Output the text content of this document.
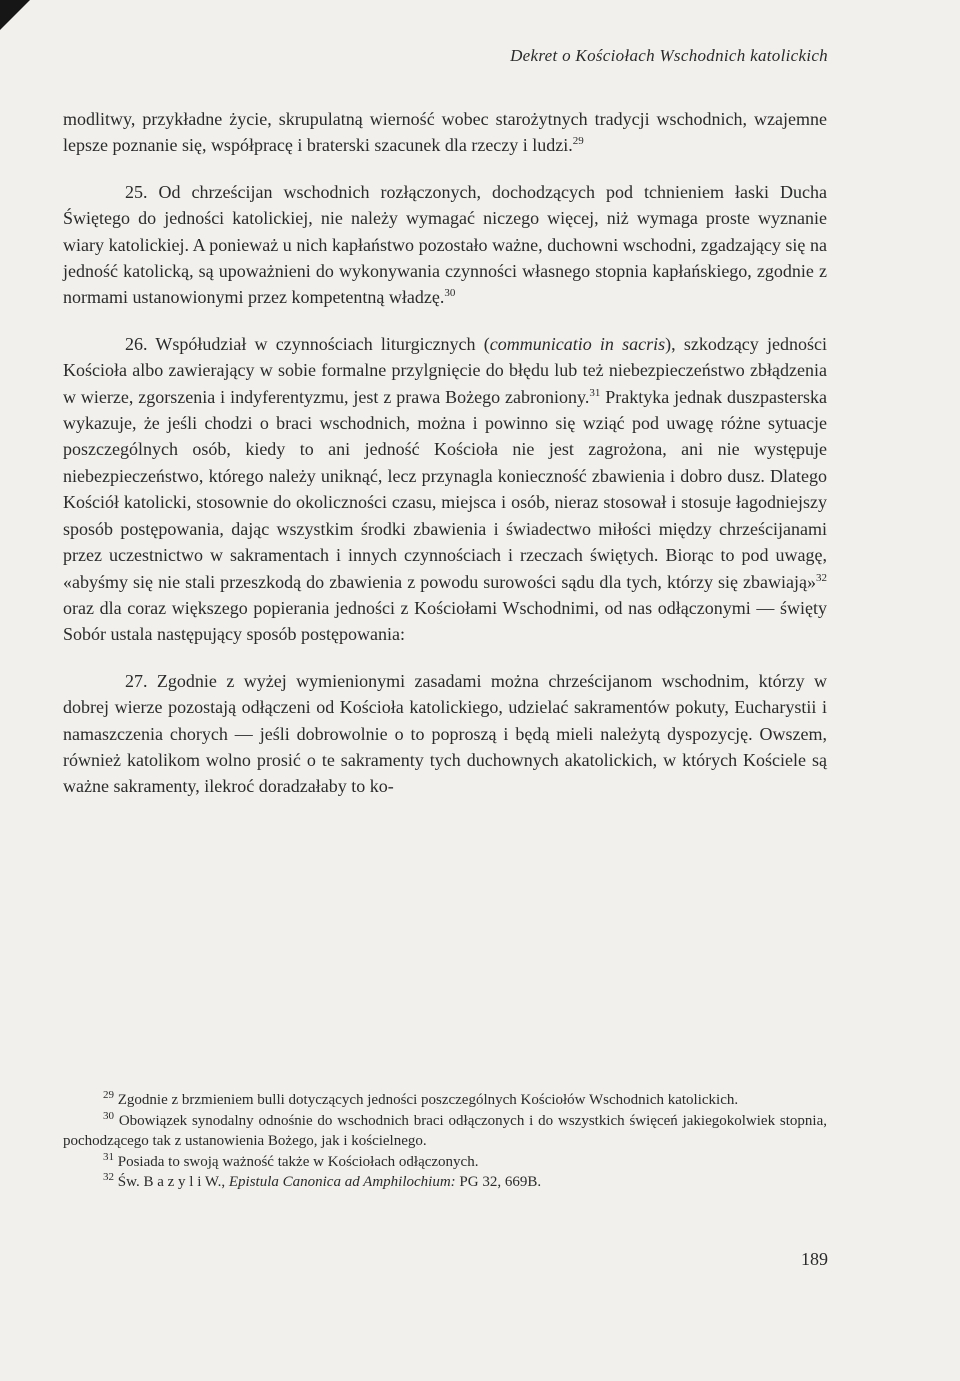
Dekret o Kościołach Wschodnich katolickich

modlitwy, przykładne życie, skrupulatną wierność wobec starożytnych tradycji wschodnich, wzajemne lepsze poznanie się, współpracę i braterski szacunek dla rzeczy i ludzi.$^{29}$

25. Od chrześcijan wschodnich rozłączonych, dochodzących pod tchnieniem łaski Ducha Świętego do jedności katolickiej, nie należy wymagać niczego więcej, niż wymaga proste wyznanie wiary katolickiej. A ponieważ u nich kapłaństwo pozostało ważne, duchowni wschodni, zgadzający się na jedność katolicką, są upoważnieni do wykonywania czynności własnego stopnia kapłańskiego, zgodnie z normami ustanowionymi przez kompetentną władzę.$^{30}$

26. Współudział w czynnościach liturgicznych (communicatio in sacris), szkodzący jedności Kościoła albo zawierający w sobie formalne przylgnięcie do błędu lub też niebezpieczeństwo zbłądzenia w wierze, zgorszenia i indyferentyzmu, jest z prawa Bożego zabroniony.$^{31}$ Praktyka jednak duszpasterska wykazuje, że jeśli chodzi o braci wschodnich, można i powinno się wziąć pod uwagę różne sytuacje poszczególnych osób, kiedy to ani jedność Kościoła nie jest zagrożona, ani nie występuje niebezpieczeństwo, którego należy uniknąć, lecz przynagla konieczność zbawienia i dobro dusz. Dlatego Kościół katolicki, stosownie do okoliczności czasu, miejsca i osób, nieraz stosował i stosuje łagodniejszy sposób postępowania, dając wszystkim środki zbawienia i świadectwo miłości między chrześcijanami przez uczestnictwo w sakramentach i innych czynnościach i rzeczach świętych. Biorąc to pod uwagę, «abyśmy się nie stali przeszkodą do zbawienia z powodu surowości sądu dla tych, którzy się zbawiają»$^{32}$ oraz dla coraz większego popierania jedności z Kościołami Wschodnimi, od nas odłączonymi — święty Sobór ustala następujący sposób postępowania:

27. Zgodnie z wyżej wymienionymi zasadami można chrześcijanom wschodnim, którzy w dobrej wierze pozostają odłączeni od Kościoła katolickiego, udzielać sakramentów pokuty, Eucharystii i namaszczenia chorych — jeśli dobrowolnie o to poproszą i będą mieli należytą dyspozycję. Owszem, również katolikom wolno prosić o te sakramenty tych duchownych akatolickich, w których Kościele są ważne sakramenty, ilekroć doradzałaby to ko-

$^{29}$ Zgodnie z brzmieniem bulli dotyczących jedności poszczególnych Kościołów Wschodnich katolickich.

$^{30}$ Obowiązek synodalny odnośnie do wschodnich braci odłączonych i do wszystkich święceń jakiegokolwiek stopnia, pochodzącego tak z ustanowienia Bożego, jak i kościelnego.

$^{31}$ Posiada to swoją ważność także w Kościołach odłączonych.

$^{32}$ Św. B a z y l i W., Epistula Canonica ad Amphilochium: PG 32, 669B.

189
